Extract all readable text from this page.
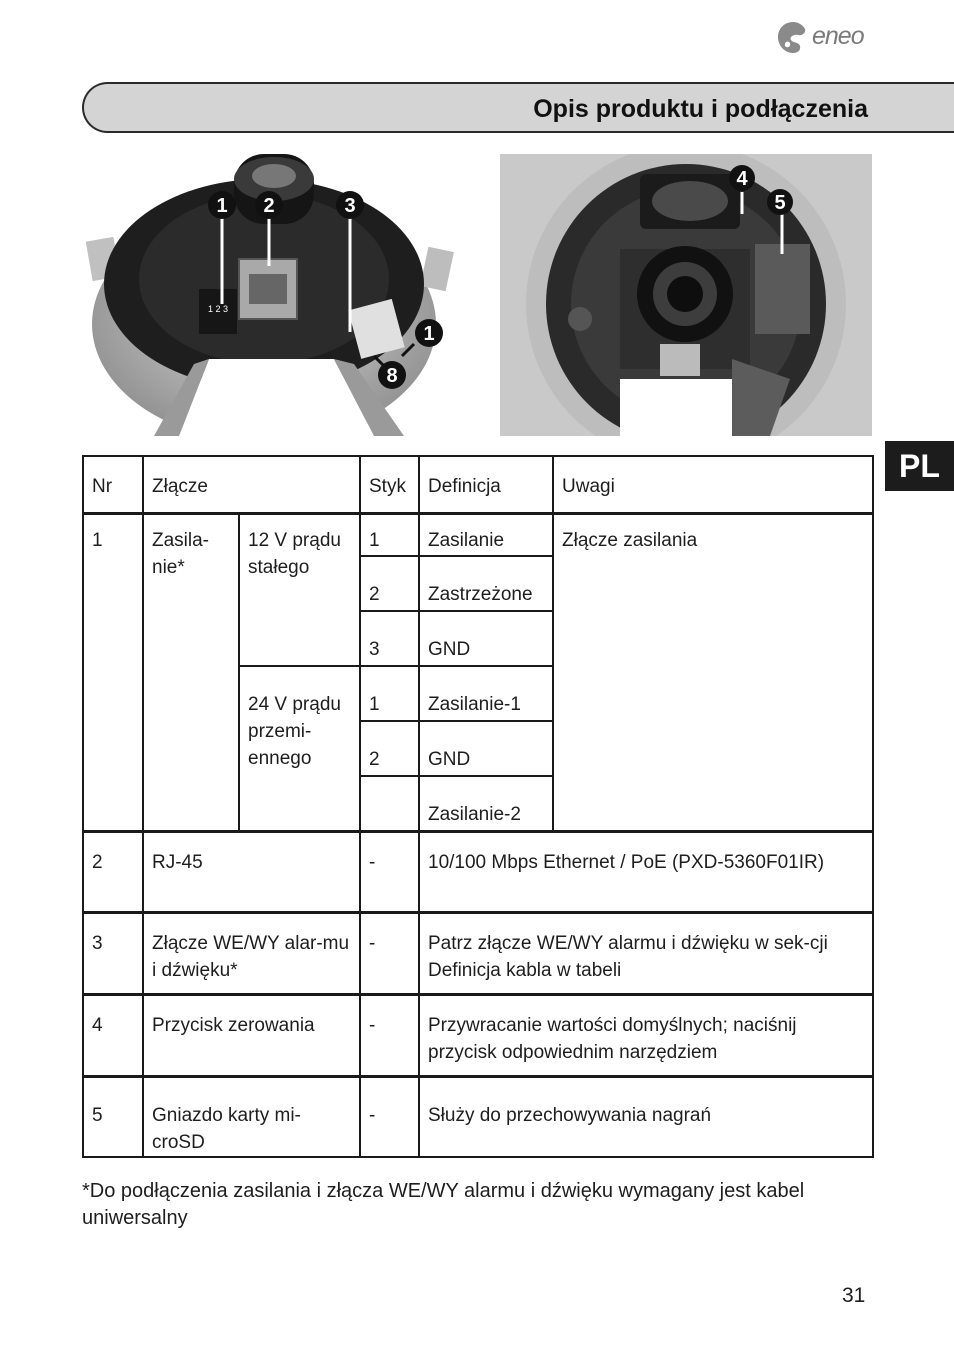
eneo
Opis produktu i podłączenia
PL
1 2 3
1 2	3
1
8
4
5
Nr	Złącze		Styk	Definicja	Uwagi
1	Zasila-nie*	12 V prądu stałego	1	Zasilanie	Złącze zasilania
			2	Zastrzeżone	
			3	GND	
		24 V prądu przemi-ennego	1	Zasilanie-1	
			2	GND	
				Zasilanie-2	
2	RJ-45		-	10/100 Mbps Ethernet / PoE (PXD-5360F01IR)	
3	Złącze WE/WY alar-mu i dźwięku*		-	Patrz złącze WE/WY alarmu i dźwięku w sek-cji Definicja kabla w tabeli	
4	Przycisk zerowania		-	Przywracanie wartości domyślnych; naciśnij przycisk odpowiednim narzędziem	
5	Gniazdo karty mi-croSD		-	Służy do przechowywania nagrań	
*Do podłączenia zasilania i złącza WE/WY alarmu i dźwięku wymagany jest kabel uniwersalny
31
